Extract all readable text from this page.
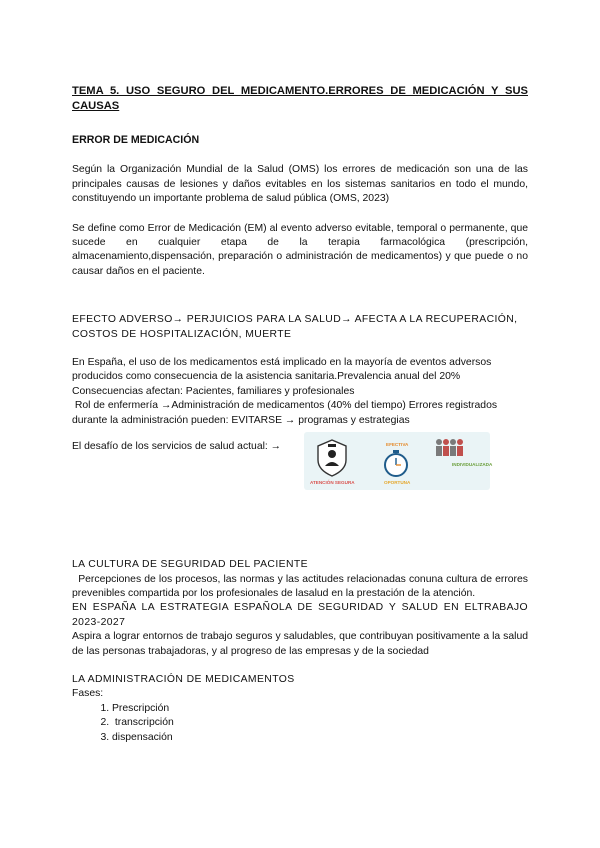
TEMA 5. USO SEGURO DEL MEDICAMENTO.ERRORES DE MEDICACIÓN Y SUS CAUSAS
ERROR DE MEDICACIÓN

Según la Organización Mundial de la Salud (OMS) los errores de medicación son una de las principales causas de lesiones y daños evitables en los sistemas sanitarios en todo el mundo, constituyendo un importante problema de salud pública (OMS, 2023)

Se define como Error de Medicación (EM) al evento adverso evitable, temporal o permanente, que sucede en cualquier etapa de la terapia farmacológica (prescripción, almacenamiento,dispensación, preparación o administración de medicamentos) y que puede o no causar daños en el paciente.

EFECTO ADVERSO→ PERJUICIOS PARA LA SALUD→ AFECTA A LA RECUPERACIÓN, COSTOS DE HOSPITALIZACIÓN, MUERTE

En España, el uso de los medicamentos está implicado en la mayoría de eventos adversos producidos como consecuencia de la asistencia sanitaria.Prevalencia anual del 20%

Consecuencias afectan: Pacientes, familiares y profesionales

Rol de enfermería →Administración de medicamentos (40% del tiempo) Errores registrados durante la administración pueden: EVITARSE → programas y estrategias

El desafío de los servicios de salud actual: →
ATENCIÓN SEGURA
EFECTIVA
OPORTUNA
INDIVIDUALIZADA

LA CULTURA DE SEGURIDAD DEL PACIENTE

Percepciones de los procesos, las normas y las actitudes relacionadas conuna cultura de errores prevenibles compartida por los profesionales de lasalud en la prestación de la atención.

EN ESPAÑA LA ESTRATEGIA ESPAÑOLA DE SEGURIDAD Y SALUD EN ELTRABAJO 2023-2027

Aspira a lograr entornos de trabajo seguros y saludables, que contribuyan positivamente a la salud de las personas trabajadoras, y al progreso de las empresas y de la sociedad

LA ADMINISTRACIÓN DE MEDICAMENTOS

Fases:

1. Prescripción
2.  transcripción
3. dispensación
